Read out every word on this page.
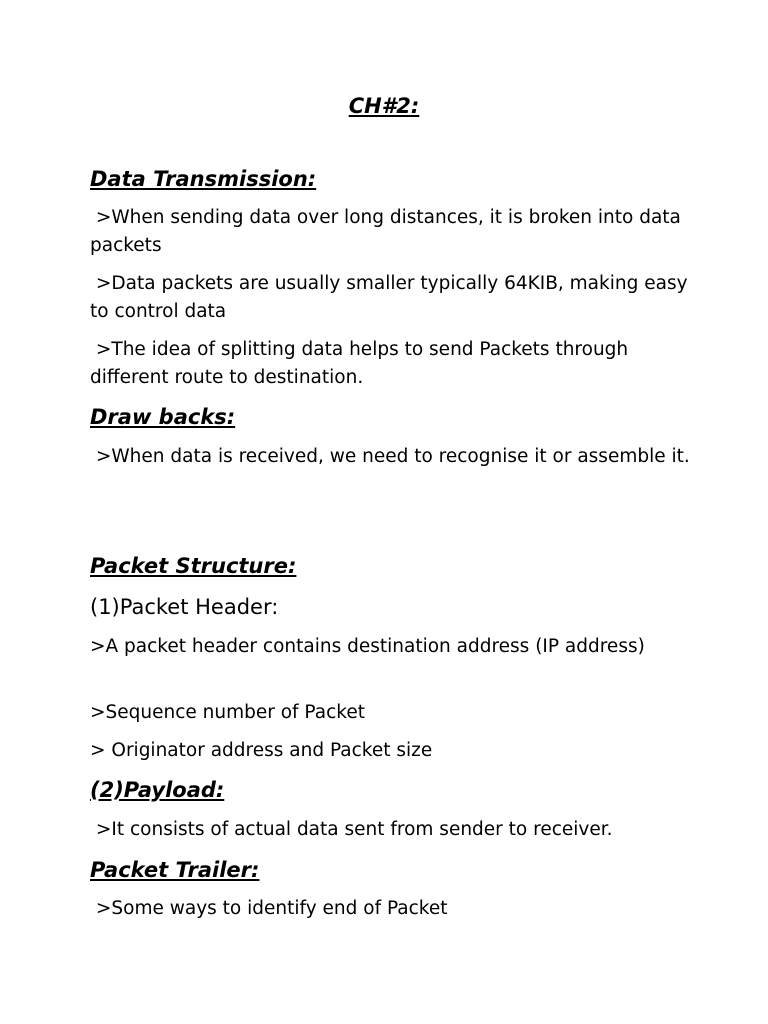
CH#2:
Data Transmission:
>When sending data over long distances, it is broken into data packets
>Data packets are usually smaller typically 64KIB, making easy to control data
>The idea of splitting data helps to send Packets through different route to destination.
Draw backs:
>When data is received, we need to recognise it or assemble it.
Packet Structure:
(1)Packet Header:
>A packet header contains destination address (IP address)
>Sequence number of Packet
> Originator address and Packet size
(2)Payload:
>It consists of actual data sent from sender to receiver.
Packet Trailer:
>Some ways to identify end of Packet
